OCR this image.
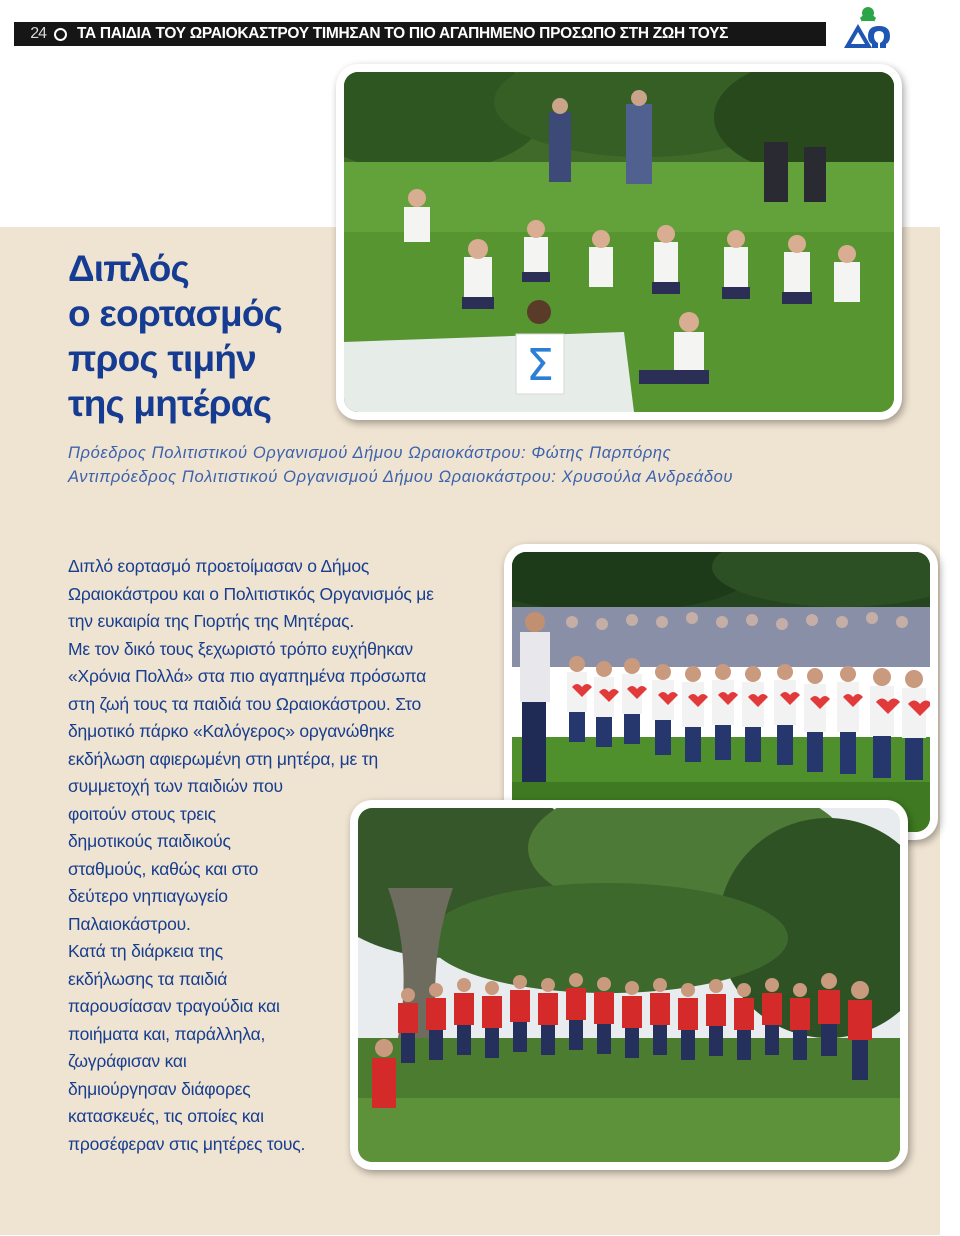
24 ΤΑ ΠΑΙΔΙΑ ΤΟΥ ΩΡΑΙΟΚΑΣΤΡΟΥ ΤΙΜΗΣΑΝ ΤΟ ΠΙΟ ΑΓΑΠΗΜΕΝΟ ΠΡΟΣΩΠΟ ΣΤΗ ΖΩΗ ΤΟΥΣ
Διπλός
ο εορτασμός
προς τιμήν
της μητέρας
Πρόεδρος Πολιτιστικού Οργανισμού Δήμου Ωραιοκάστρου: Φώτης Παρπόρης
Αντιπρόεδρος Πολιτιστικού Οργανισμού Δήμου Ωραιοκάστρου: Χρυσούλα Ανδρεάδου
Διπλό εορτασμό προετοίμασαν ο Δήμος
Ωραιοκάστρου και ο Πολιτιστικός Οργανισμός με
την ευκαιρία της Γιορτής της Μητέρας.
Με τον δικό τους ξεχωριστό τρόπο ευχήθηκαν
«Χρόνια Πολλά» στα πιο αγαπημένα πρόσωπα
στη ζωή τους τα παιδιά του Ωραιοκάστρου. Στο
δημοτικό πάρκο «Καλόγερος» οργανώθηκε
εκδήλωση αφιερωμένη στη μητέρα, με τη
συμμετοχή των παιδιών που
φοιτούν στους τρεις
δημοτικούς παιδικούς
σταθμούς, καθώς και στο
δεύτερο νηπιαγωγείο
Παλαιοκάστρου.
Κατά τη διάρκεια της
εκδήλωσης τα παιδιά
παρουσίασαν τραγούδια και
ποιήματα και, παράλληλα,
ζωγράφισαν και
δημιούργησαν διάφορες
κατασκευές, τις οποίες και
προσέφεραν στις μητέρες τους.
Σ
